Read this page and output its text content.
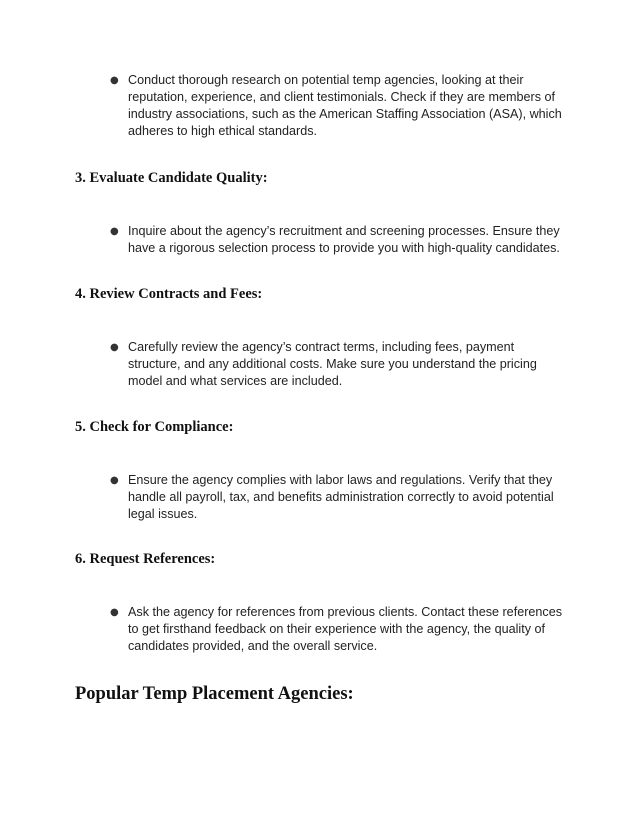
● Conduct thorough research on potential temp agencies, looking at their reputation, experience, and client testimonials. Check if they are members of industry associations, such as the American Staffing Association (ASA), which adheres to high ethical standards.
3. Evaluate Candidate Quality:
● Inquire about the agency’s recruitment and screening processes. Ensure they have a rigorous selection process to provide you with high-quality candidates.
4. Review Contracts and Fees:
● Carefully review the agency’s contract terms, including fees, payment structure, and any additional costs. Make sure you understand the pricing model and what services are included.
5. Check for Compliance:
● Ensure the agency complies with labor laws and regulations. Verify that they handle all payroll, tax, and benefits administration correctly to avoid potential legal issues.
6. Request References:
● Ask the agency for references from previous clients. Contact these references to get firsthand feedback on their experience with the agency, the quality of candidates provided, and the overall service.
Popular Temp Placement Agencies:
